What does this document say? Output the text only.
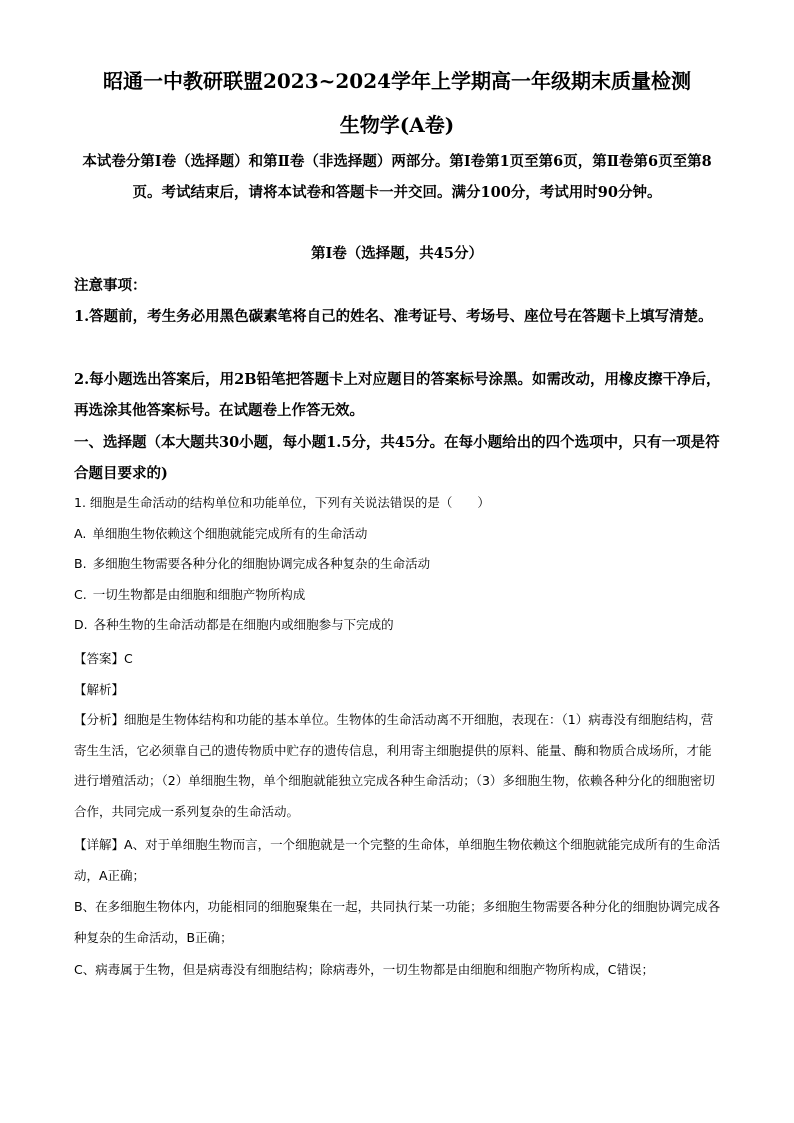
昭通一中教研联盟2023~2024学年上学期高一年级期末质量检测
生物学(A卷)
本试卷分第Ⅰ卷（选择题）和第Ⅱ卷（非选择题）两部分。第Ⅰ卷第1页至第6页，第Ⅱ卷第6页至第8页。考试结束后，请将本试卷和答题卡一并交回。满分100分，考试用时90分钟。
第Ⅰ卷（选择题，共45分）
注意事项：
1.答题前，考生务必用黑色碳素笔将自己的姓名、准考证号、考场号、座位号在答题卡上填写清楚。
2.每小题选出答案后，用2B铅笔把答题卡上对应题目的答案标号涂黑。如需改动，用橡皮擦干净后，再选涂其他答案标号。在试题卷上作答无效。
一、选择题（本大题共30小题，每小题1.5分，共45分。在每小题给出的四个选项中，只有一项是符合题目要求的)
1. 细胞是生命活动的结构单位和功能单位，下列有关说法错误的是（　　）
A. 单细胞生物依赖这个细胞就能完成所有的生命活动
B. 多细胞生物需要各种分化的细胞协调完成各种复杂的生命活动
C. 一切生物都是由细胞和细胞产物所构成
D. 各种生物的生命活动都是在细胞内或细胞参与下完成的
【答案】C
【解析】
【分析】细胞是生物体结构和功能的基本单位。生物体的生命活动离不开细胞，表现在：（1）病毒没有细胞结构，营寄生生活，它必须靠自己的遗传物质中贮存的遗传信息，利用寄主细胞提供的原料、能量、酶和物质合成场所，才能进行增殖活动；（2）单细胞生物，单个细胞就能独立完成各种生命活动；（3）多细胞生物，依赖各种分化的细胞密切合作，共同完成一系列复杂的生命活动。
【详解】A、对于单细胞生物而言，一个细胞就是一个完整的生命体，单细胞生物依赖这个细胞就能完成所有的生命活动，A正确；
B、在多细胞生物体内，功能相同的细胞聚集在一起，共同执行某一功能；多细胞生物需要各种分化的细胞协调完成各种复杂的生命活动，B正确；
C、病毒属于生物，但是病毒没有细胞结构；除病毒外，一切生物都是由细胞和细胞产物所构成，C错误；
